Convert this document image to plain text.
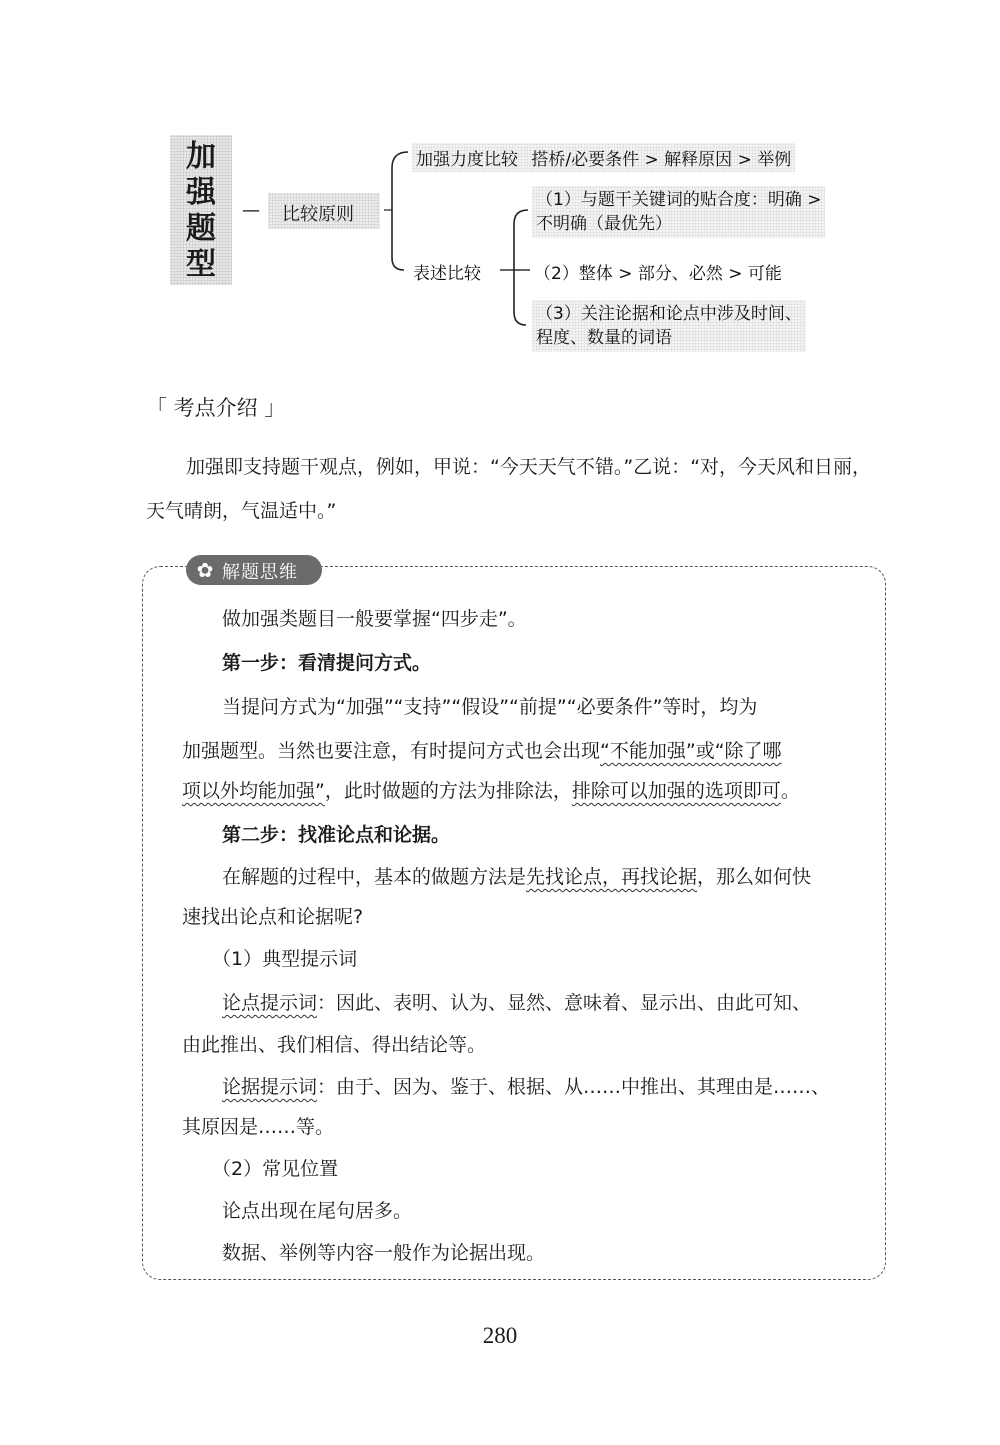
加
强
题
型
— 比较原则
加强力度比较 搭桥/必要条件 > 解释原因 > 举例
表述比较
（1）与题干关键词的贴合度：明确 >
不明确（最优先）
（2）整体 > 部分、必然 > 可能
（3）关注论据和论点中涉及时间、
程度、数量的词语
「 考点介绍 」
加强即支持题干观点，例如，甲说：“今天天气不错。”乙说：“对，今天风和日丽，
天气晴朗，气温适中。”
✿ 解题思维
做加强类题目一般要掌握“四步走”。
第一步：看清提问方式。
当提问方式为“加强”“支持”“假设”“前提”“必要条件”等时，均为
加强题型。当然也要注意，有时提问方式也会出现“不能加强”或“除了哪
项以外均能加强”，此时做题的方法为排除法，排除可以加强的选项即可。
第二步：找准论点和论据。
在解题的过程中，基本的做题方法是先找论点，再找论据，那么如何快
速找出论点和论据呢?
（1）典型提示词
论点提示词：因此、表明、认为、显然、意味着、显示出、由此可知、
由此推出、我们相信、得出结论等。
论据提示词：由于、因为、鉴于、根据、从……中推出、其理由是……、
其原因是……等。
（2）常见位置
论点出现在尾句居多。
数据、举例等内容一般作为论据出现。
280
